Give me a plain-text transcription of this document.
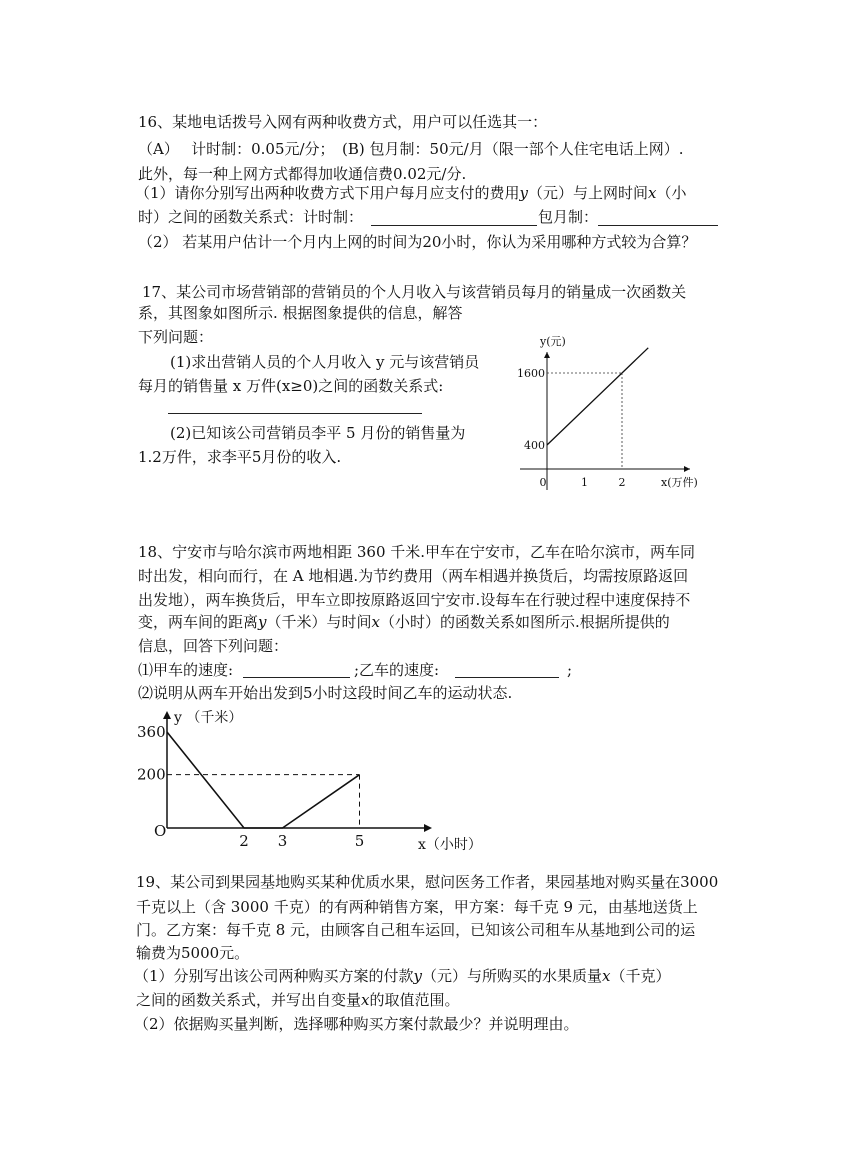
16、某地电话拨号入网有两种收费方式，用户可以任选其一：
（A）　 计时制：0.05元/分；　(B) 包月制：50元/月（限一部个人住宅电话上网）.
此外，每一种上网方式都得加收通信费0.02元/分.
（1）请你分别写出两种收费方式下用户每月应支付的费用y（元）与上网时间x（小
时）之间的函数关系式：计时制：	包月制：
（2） 若某用户估计一个月内上网的时间为20小时，你认为采用哪种方式较为合算？
17、某公司市场营销部的营销员的个人月收入与该营销员每月的销量成一次函数关
系，其图象如图所示. 根据图象提供的信息，解答
下列问题：
(1)求出营销人员的个人月收入 y 元与该营销员
每月的销售量 x 万件(x≥0)之间的函数关系式:
(2)已知该公司营销员李平 5 月份的销售量为
1.2万件，求李平5月份的收入.
y(元)
x(万件)
0	1	2
400
1600
18、宁安市与哈尔滨市两地相距 360 千米.甲车在宁安市，乙车在哈尔滨市，两车同
时出发，相向而行，在 A 地相遇.为节约费用（两车相遇并换货后，均需按原路返回
出发地），两车换货后，甲车立即按原路返回宁安市.设每车在行驶过程中速度保持不
变，两车间的距离y（千米）与时间x（小时）的函数关系如图所示.根据所提供的
信息，回答下列问题：
⑴甲车的速度:	;乙车的速度:	;
⑵说明从两车开始出发到5小时这段时间乙车的运动状态.
y （千米）
x（小时）
O
2 3	5
360
200
19、某公司到果园基地购买某种优质水果，慰问医务工作者，果园基地对购买量在3000
千克以上（含 3000 千克）的有两种销售方案，甲方案：每千克 9 元，由基地送货上
门。乙方案：每千克 8 元，由顾客自己租车运回，已知该公司租车从基地到公司的运
输费为5000元。
（1）分别写出该公司两种购买方案的付款y（元）与所购买的水果质量x（千克）
之间的函数关系式，并写出自变量x的取值范围。
（2）依据购买量判断，选择哪种购买方案付款最少？并说明理由。
